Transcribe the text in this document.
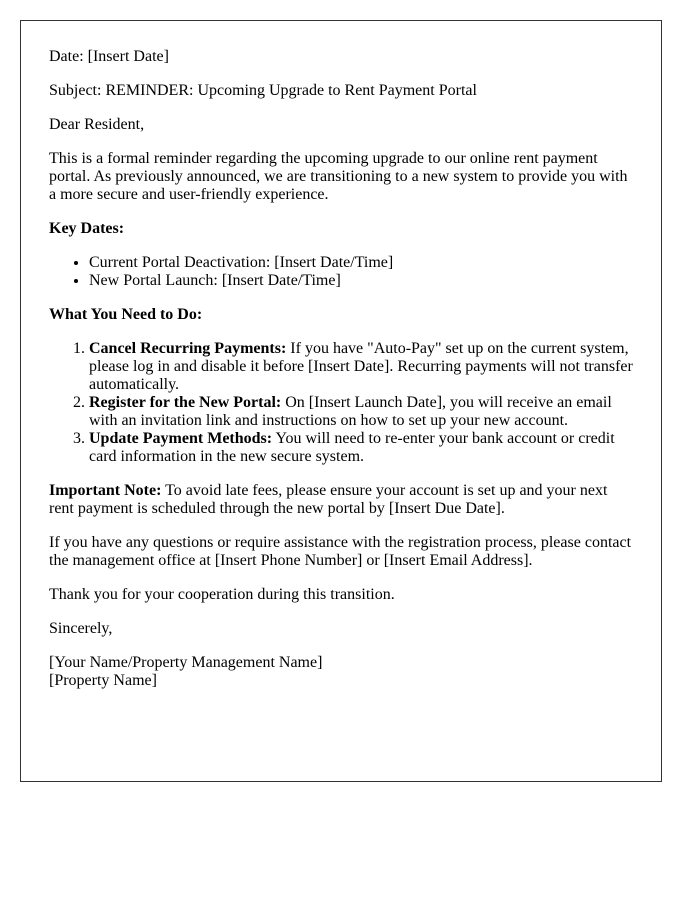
Date: [Insert Date]

Subject: REMINDER: Upcoming Upgrade to Rent Payment Portal

Dear Resident,

This is a formal reminder regarding the upcoming upgrade to our online rent payment portal. As previously announced, we are transitioning to a new system to provide you with a more secure and user-friendly experience.

Key Dates:

• Current Portal Deactivation: [Insert Date/Time]
• New Portal Launch: [Insert Date/Time]

What You Need to Do:

1. Cancel Recurring Payments: If you have "Auto-Pay" set up on the current system, please log in and disable it before [Insert Date]. Recurring payments will not transfer automatically.
2. Register for the New Portal: On [Insert Launch Date], you will receive an email with an invitation link and instructions on how to set up your new account.
3. Update Payment Methods: You will need to re-enter your bank account or credit card information in the new secure system.

Important Note: To avoid late fees, please ensure your account is set up and your next rent payment is scheduled through the new portal by [Insert Due Date].

If you have any questions or require assistance with the registration process, please contact the management office at [Insert Phone Number] or [Insert Email Address].

Thank you for your cooperation during this transition.

Sincerely,

[Your Name/Property Management Name]

[Property Name]
